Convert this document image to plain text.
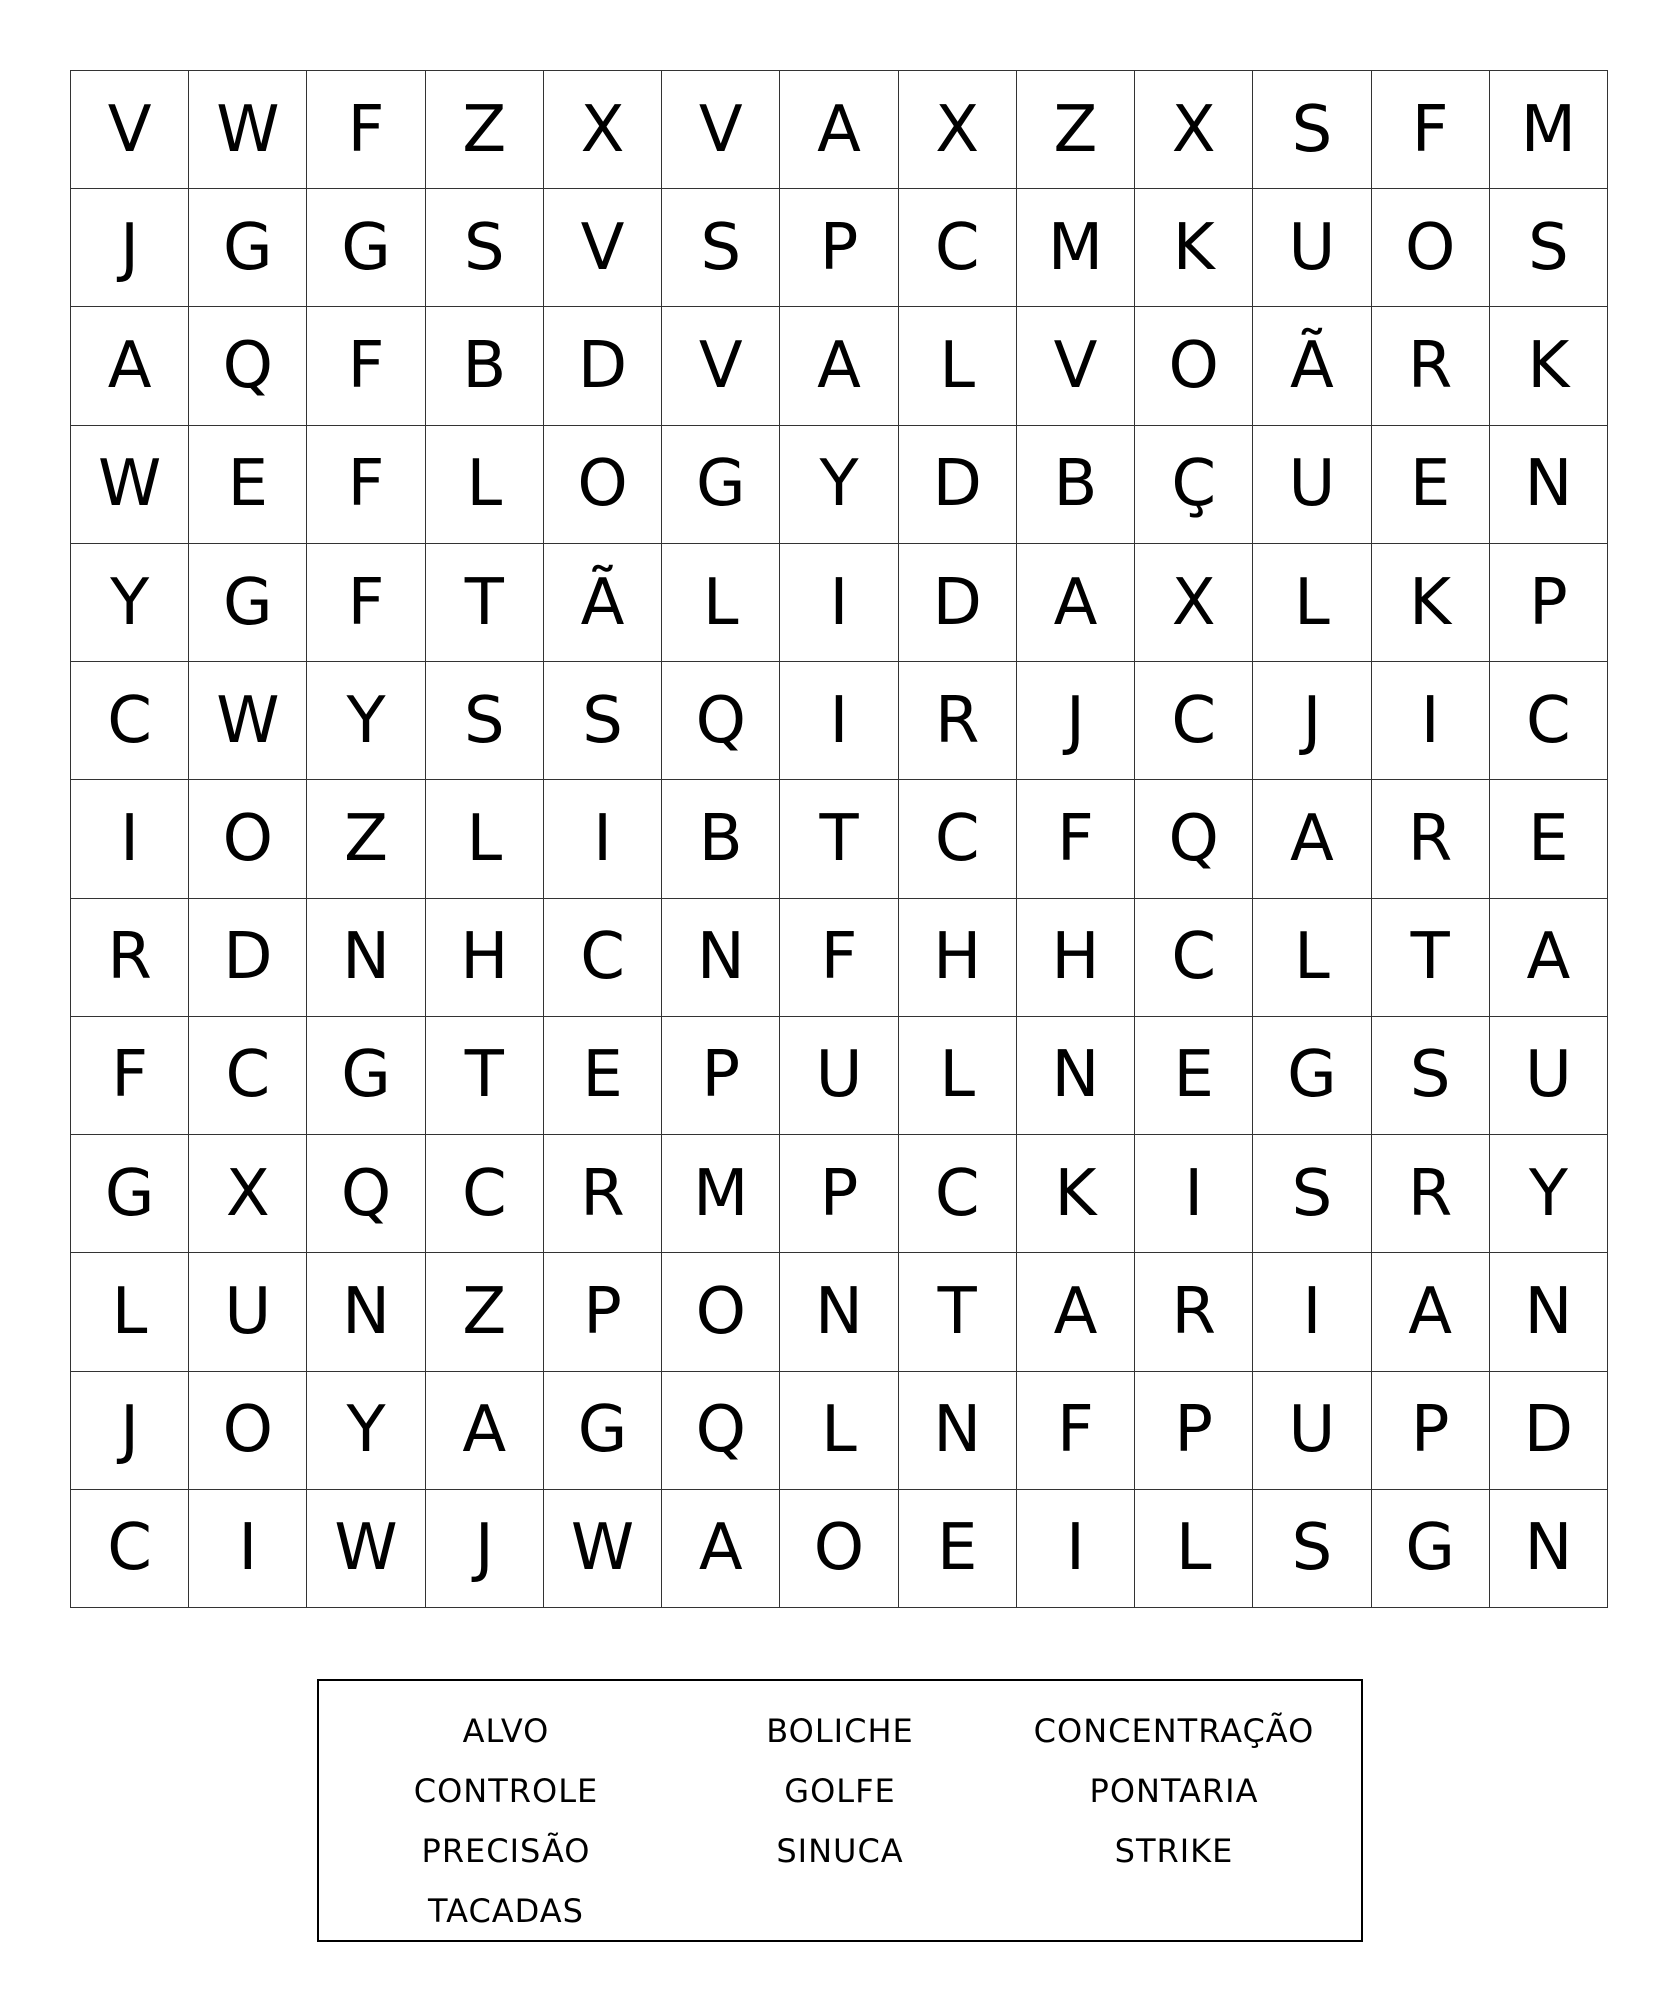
V	W	F	Z	X	V	A	X	Z	X	S	F	M
J	G	G	S	V	S	P	C	M	K	U	O	S
A	Q	F	B	D	V	A	L	V	O	Ã	R	K
W	E	F	L	O	G	Y	D	B	Ç	U	E	N
Y	G	F	T	Ã	L	I	D	A	X	L	K	P
C	W	Y	S	S	Q	I	R	J	C	J	I	C
I	O	Z	L	I	B	T	C	F	Q	A	R	E
R	D	N	H	C	N	F	H	H	C	L	T	A
F	C	G	T	E	P	U	L	N	E	G	S	U
G	X	Q	C	R	M	P	C	K	I	S	R	Y
L	U	N	Z	P	O	N	T	A	R	I	A	N
J	O	Y	A	G	Q	L	N	F	P	U	P	D
C	I	W	J	W	A	O	E	I	L	S	G	N
ALVO	BOLICHE	CONCENTRAÇÃO
CONTROLE	GOLFE	PONTARIA
PRECISÃO	SINUCA	STRIKE
TACADAS
